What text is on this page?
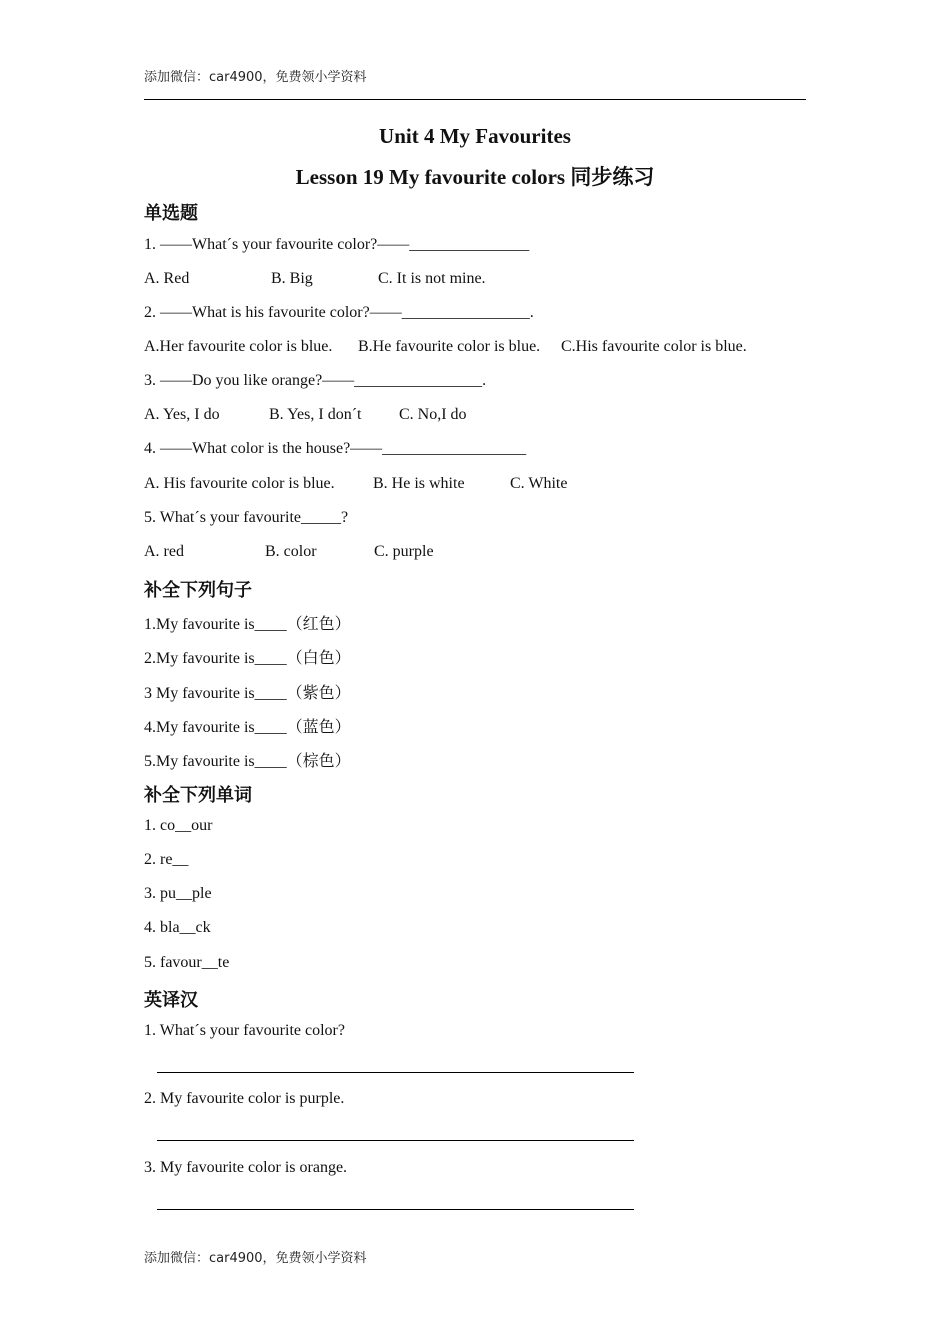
添加微信：car4900，免费领小学资料
Unit 4 My Favourites
Lesson 19 My favourite colors 同步练习
单选题
1. ——What´s your favourite color?——_______________
A. Red	B. Big	C. It is not mine.
2. ——What is his favourite color?——________________.
A.Her favourite color is blue. B.He favourite color is blue. C.His favourite color is blue.
3. ——Do you like orange?——________________.
A. Yes, I do	B. Yes, I don´t C. No,I do
4. ——What color is the house?——__________________
A. His favourite color is blue. B. He is white	C. White
5. What´s your favourite_____?
A. red	B. color	C. purple
补全下列句子
1.My favourite is____（红色）
2.My favourite is____（白色）
3 My favourite is____（紫色）
4.My favourite is____（蓝色）
5.My favourite is____（棕色）
补全下列单词
1. co__our
2. re__
3. pu__ple
4. bla__ck
5. favour__te
英译汉
1. What´s your favourite color?
2. My favourite color is purple.
3. My favourite color is orange.
添加微信：car4900，免费领小学资料
